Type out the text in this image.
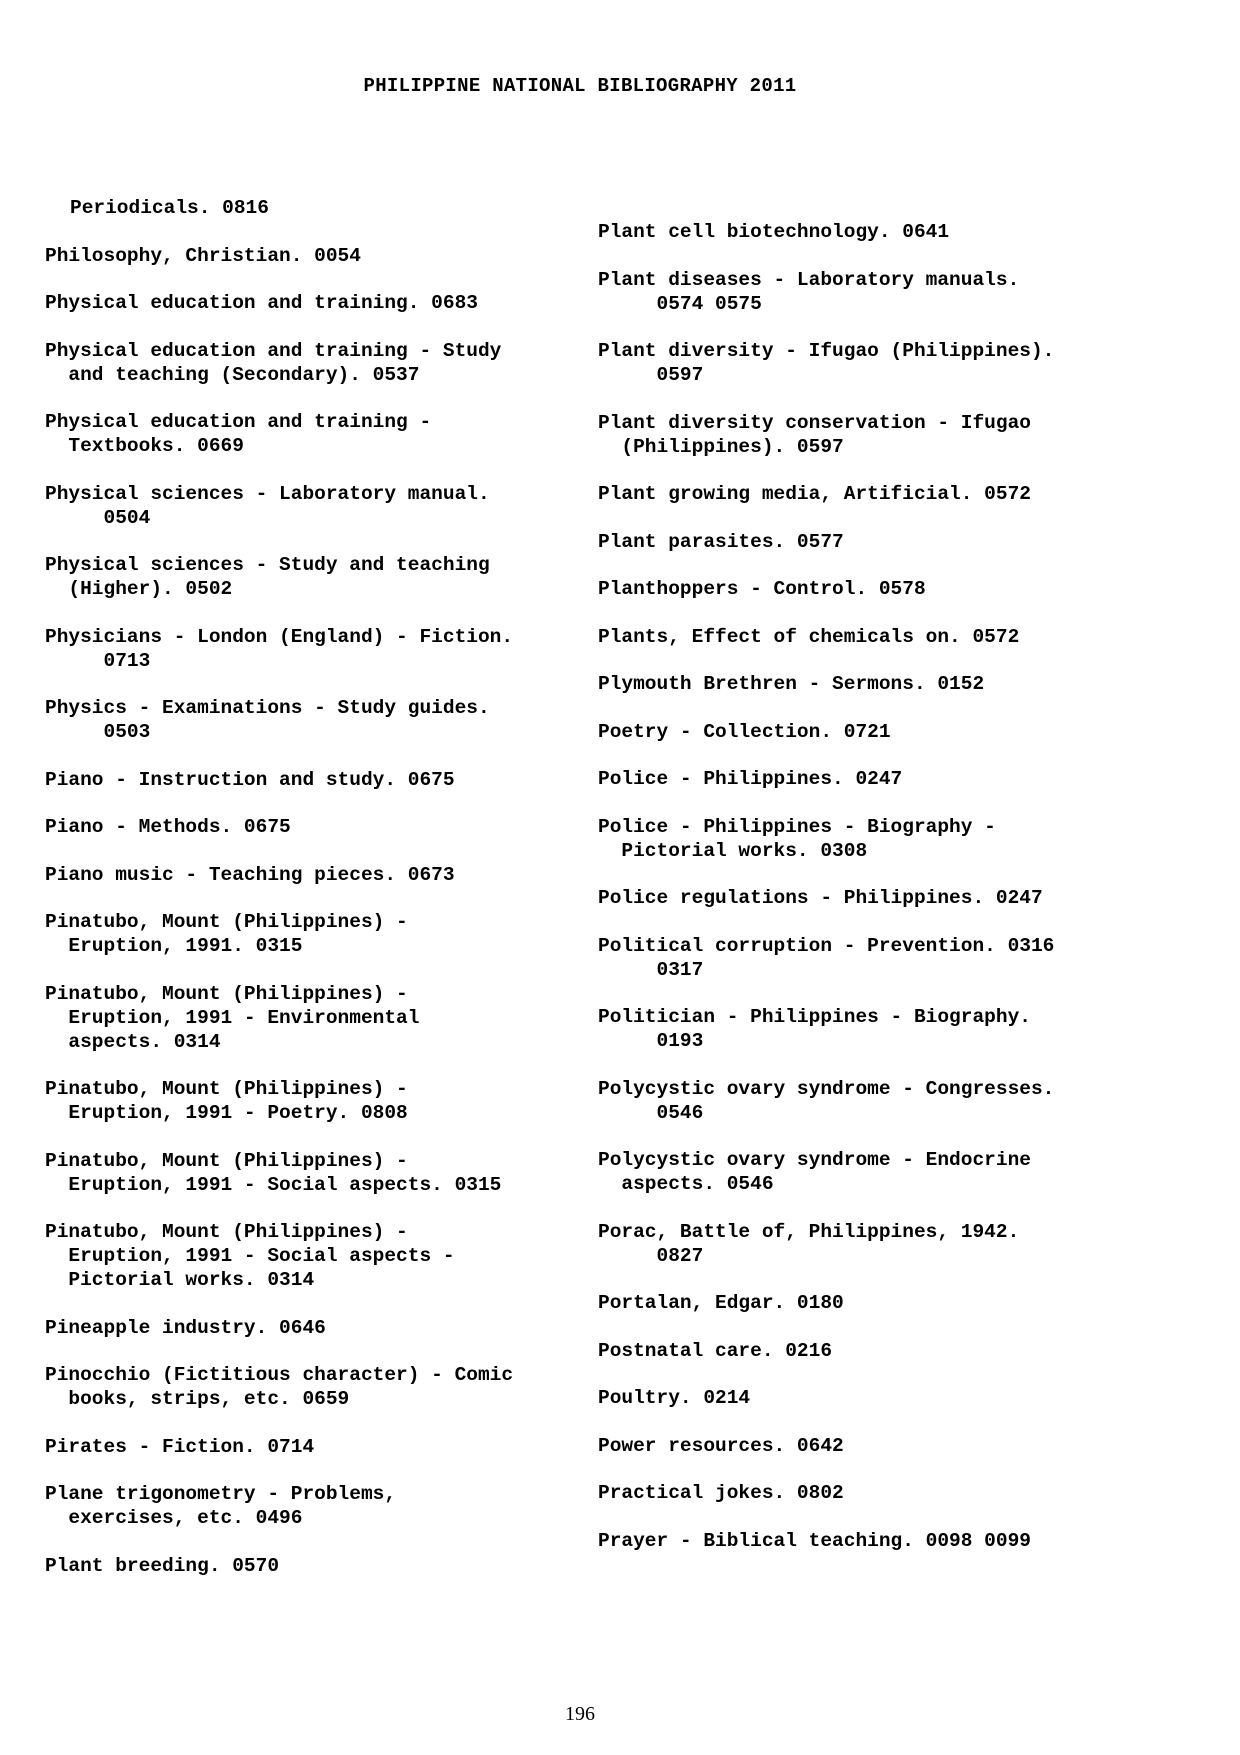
PHILIPPINE NATIONAL BIBLIOGRAPHY 2011
Periodicals. 0816
Philosophy, Christian. 0054
Physical education and training. 0683
Physical education and training - Study
and teaching (Secondary). 0537
Physical education and training -
Textbooks. 0669
Physical sciences - Laboratory manual.
0504
Physical sciences - Study and teaching
(Higher). 0502
Physicians - London (England) - Fiction.
0713
Physics - Examinations - Study guides.
0503
Piano - Instruction and study. 0675
Piano - Methods. 0675
Piano music - Teaching pieces. 0673
Pinatubo, Mount (Philippines) -
Eruption, 1991. 0315
Pinatubo, Mount (Philippines) -
Eruption, 1991 - Environmental
aspects. 0314
Pinatubo, Mount (Philippines) -
Eruption, 1991 - Poetry. 0808
Pinatubo, Mount (Philippines) -
Eruption, 1991 - Social aspects. 0315
Pinatubo, Mount (Philippines) -
Eruption, 1991 - Social aspects -
Pictorial works. 0314
Pineapple industry. 0646
Pinocchio (Fictitious character) - Comic
books, strips, etc. 0659
Pirates - Fiction. 0714
Plane trigonometry - Problems,
exercises, etc. 0496
Plant breeding. 0570
Plant cell biotechnology. 0641
Plant diseases - Laboratory manuals.
0574 0575
Plant diversity - Ifugao (Philippines).
0597
Plant diversity conservation - Ifugao
(Philippines). 0597
Plant growing media, Artificial. 0572
Plant parasites. 0577
Planthoppers - Control. 0578
Plants, Effect of chemicals on. 0572
Plymouth Brethren - Sermons. 0152
Poetry - Collection. 0721
Police - Philippines. 0247
Police - Philippines - Biography -
Pictorial works. 0308
Police regulations - Philippines. 0247
Political corruption - Prevention. 0316
0317
Politician - Philippines - Biography.
0193
Polycystic ovary syndrome - Congresses.
0546
Polycystic ovary syndrome - Endocrine
aspects. 0546
Porac, Battle of, Philippines, 1942.
0827
Portalan, Edgar. 0180
Postnatal care. 0216
Poultry. 0214
Power resources. 0642
Practical jokes. 0802
Prayer - Biblical teaching. 0098 0099
196
